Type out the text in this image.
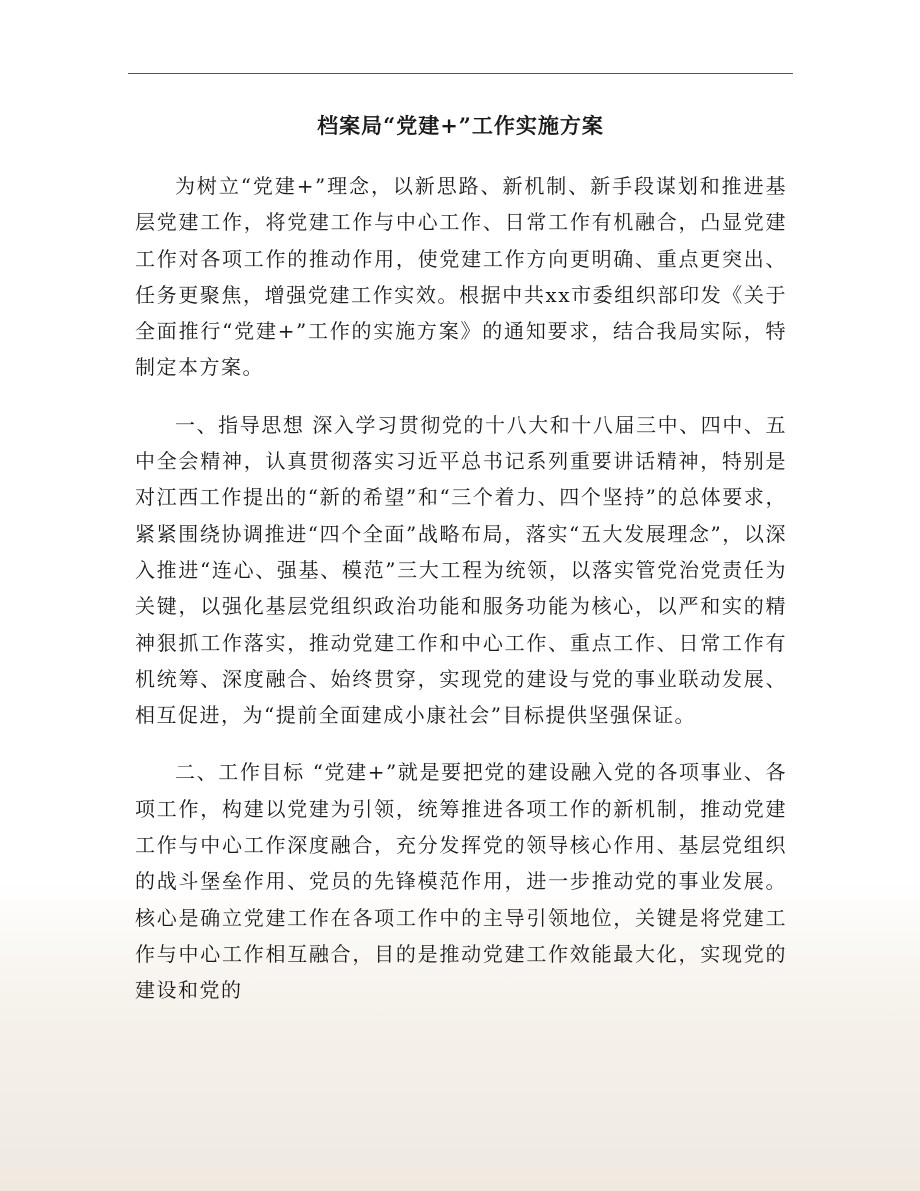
档案局“党建+”工作实施方案

为树立“党建+”理念，以新思路、新机制、新手段谋划和推进基层党建工作，将党建工作与中心工作、日常工作有机融合，凸显党建工作对各项工作的推动作用，使党建工作方向更明确、重点更突出、任务更聚焦，增强党建工作实效。根据中共xx市委组织部印发《关于全面推行“党建+”工作的实施方案》的通知要求，结合我局实际，特制定本方案。

一、指导思想 深入学习贯彻党的十八大和十八届三中、四中、五中全会精神，认真贯彻落实习近平总书记系列重要讲话精神，特别是对江西工作提出的“新的希望”和“三个着力、四个坚持”的总体要求，紧紧围绕协调推进“四个全面”战略布局，落实“五大发展理念”，以深入推进“连心、强基、模范”三大工程为统领，以落实管党治党责任为关键，以强化基层党组织政治功能和服务功能为核心，以严和实的精神狠抓工作落实，推动党建工作和中心工作、重点工作、日常工作有机统筹、深度融合、始终贯穿，实现党的建设与党的事业联动发展、相互促进，为“提前全面建成小康社会”目标提供坚强保证。

二、工作目标 “党建+”就是要把党的建设融入党的各项事业、各项工作，构建以党建为引领，统筹推进各项工作的新机制，推动党建工作与中心工作深度融合，充分发挥党的领导核心作用、基层党组织的战斗堡垒作用、党员的先锋模范作用，进一步推动党的事业发展。核心是确立党建工作在各项工作中的主导引领地位，关键是将党建工作与中心工作相互融合，目的是推动党建工作效能最大化，实现党的建设和党的
